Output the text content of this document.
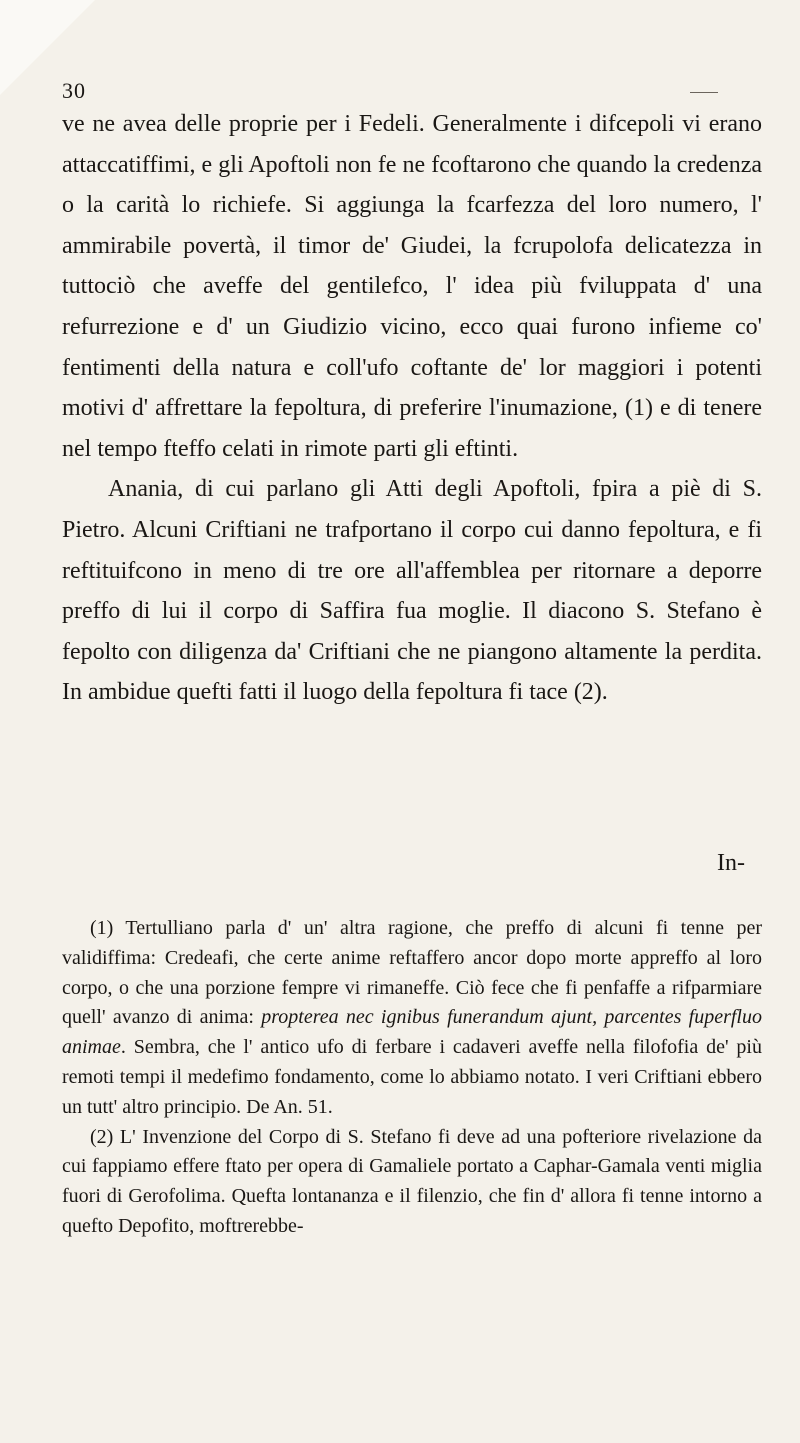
30

ve ne avea delle proprie per i Fedeli. Generalmente i difcepoli vi erano attaccatiffimi, e gli Apoftoli non fe ne fcoftarono che quando la credenza o la carità lo richiefe. Si aggiunga la fcarfezza del loro numero, l' ammirabile povertà, il timor de' Giudei, la fcrupolofa delicatezza in tuttociò che aveffe del gentilefco, l' idea più fviluppata d' una refurrezione e d' un Giudizio vicino, ecco quai furono infieme co' fentimenti della natura e coll'ufo coftante de' lor maggiori i potenti motivi d' affrettare la fepoltura, di preferire l'inumazione, (1) e di tenere nel tempo fteffo celati in rimote parti gli eftinti.

Anania, di cui parlano gli Atti degli Apoftoli, fpira a piè di S. Pietro. Alcuni Criftiani ne trafportano il corpo cui danno fepoltura, e fi reftituifcono in meno di tre ore all'affemblea per ritornare a deporre preffo di lui il corpo di Saffira fua moglie. Il diacono S. Stefano è fepolto con diligenza da' Criftiani che ne piangono altamente la perdita. In ambidue quefti fatti il luogo della fepoltura fi tace (2).

In-

(1) Tertulliano parla d' un' altra ragione, che preffo di alcuni fi tenne per validiffima: Credeafi, che certe anime reftaffero ancor dopo morte appreffo al loro corpo, o che una porzione fempre vi rimaneffe. Ciò fece che fi penfaffe a rifparmiare quell' avanzo di anima: propterea nec ignibus funerandum ajunt, parcentes fuperfluo animae. Sembra, che l' antico ufo di ferbare i cadaveri aveffe nella filofofia de' più remoti tempi il medefimo fondamento, come lo abbiamo notato. I veri Criftiani ebbero un tutt' altro principio. De An. 51.

(2) L' Invenzione del Corpo di S. Stefano fi deve ad una pofteriore rivelazione da cui fappiamo effere ftato per opera di Gamaliele portato a Caphar-Gamala venti miglia fuori di Gerofolima. Quefta lontananza e il filenzio, che fin d' allora fi tenne intorno a quefto Depofito, moftrerebbe-
